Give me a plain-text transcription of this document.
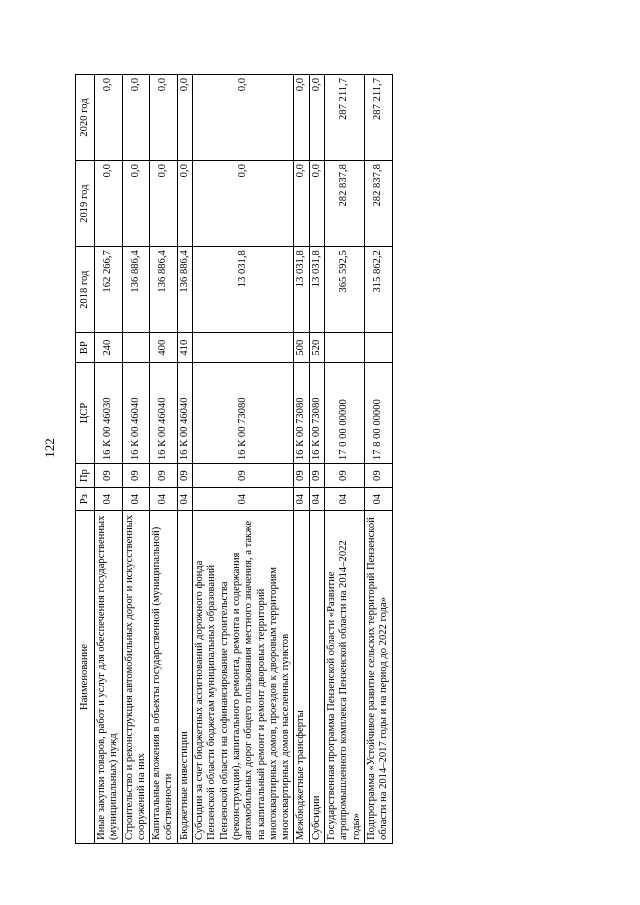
122
Наименование	Рз	Пр	ЦСР	ВР	2018 год	2019 год	2020 год
Иные закупки товаров, работ и услуг для обеспечения государственных (муниципальных) нужд	04	09	16 К 00 46030	240	162 266,7	0,0	0,0
Строительство и реконструкция автомобильных дорог и искусственных сооружений на них	04	09	16 К 00 46040		136 886,4	0,0	0,0
Капитальные вложения в объекты государственной (муниципальной) собственности	04	09	16 К 00 46040	400	136 886,4	0,0	0,0
Бюджетные инвестиции	04	09	16 К 00 46040	410	136 886,4	0,0	0,0
Субсидии за счет бюджетных ассигнований дорожного фонда Пензенской области бюджетам муниципальных образований Пензенской области на софинансирование строительства (реконструкции), капитального ремонта, ремонта и содержания автомобильных дорог общего пользования местного значения, а также на капитальный ремонт и ремонт дворовых территорий многоквартирных домов, проездов к дворовым территориям многоквартирных домов населенных пунктов	04	09	16 К 00 73080		13 031,8	0,0	0,0
Межбюджетные трансферты	04	09	16 К 00 73080	500	13 031,8	0,0	0,0
Субсидии	04	09	16 К 00 73080	520	13 031,8	0,0	0,0
Государственная программа Пензенской области «Развитие агропромышленного комплекса Пензенской области на 2014–2022 годы»	04	09	17 0 00 00000		365 592,5	282 837,8	287 211,7
Подпрограмма «Устойчивое развитие сельских территорий Пензенской области на 2014–2017 годы и на период до 2022 года»	04	09	17 8 00 00000		315 862,2	282 837,8	287 211,7
